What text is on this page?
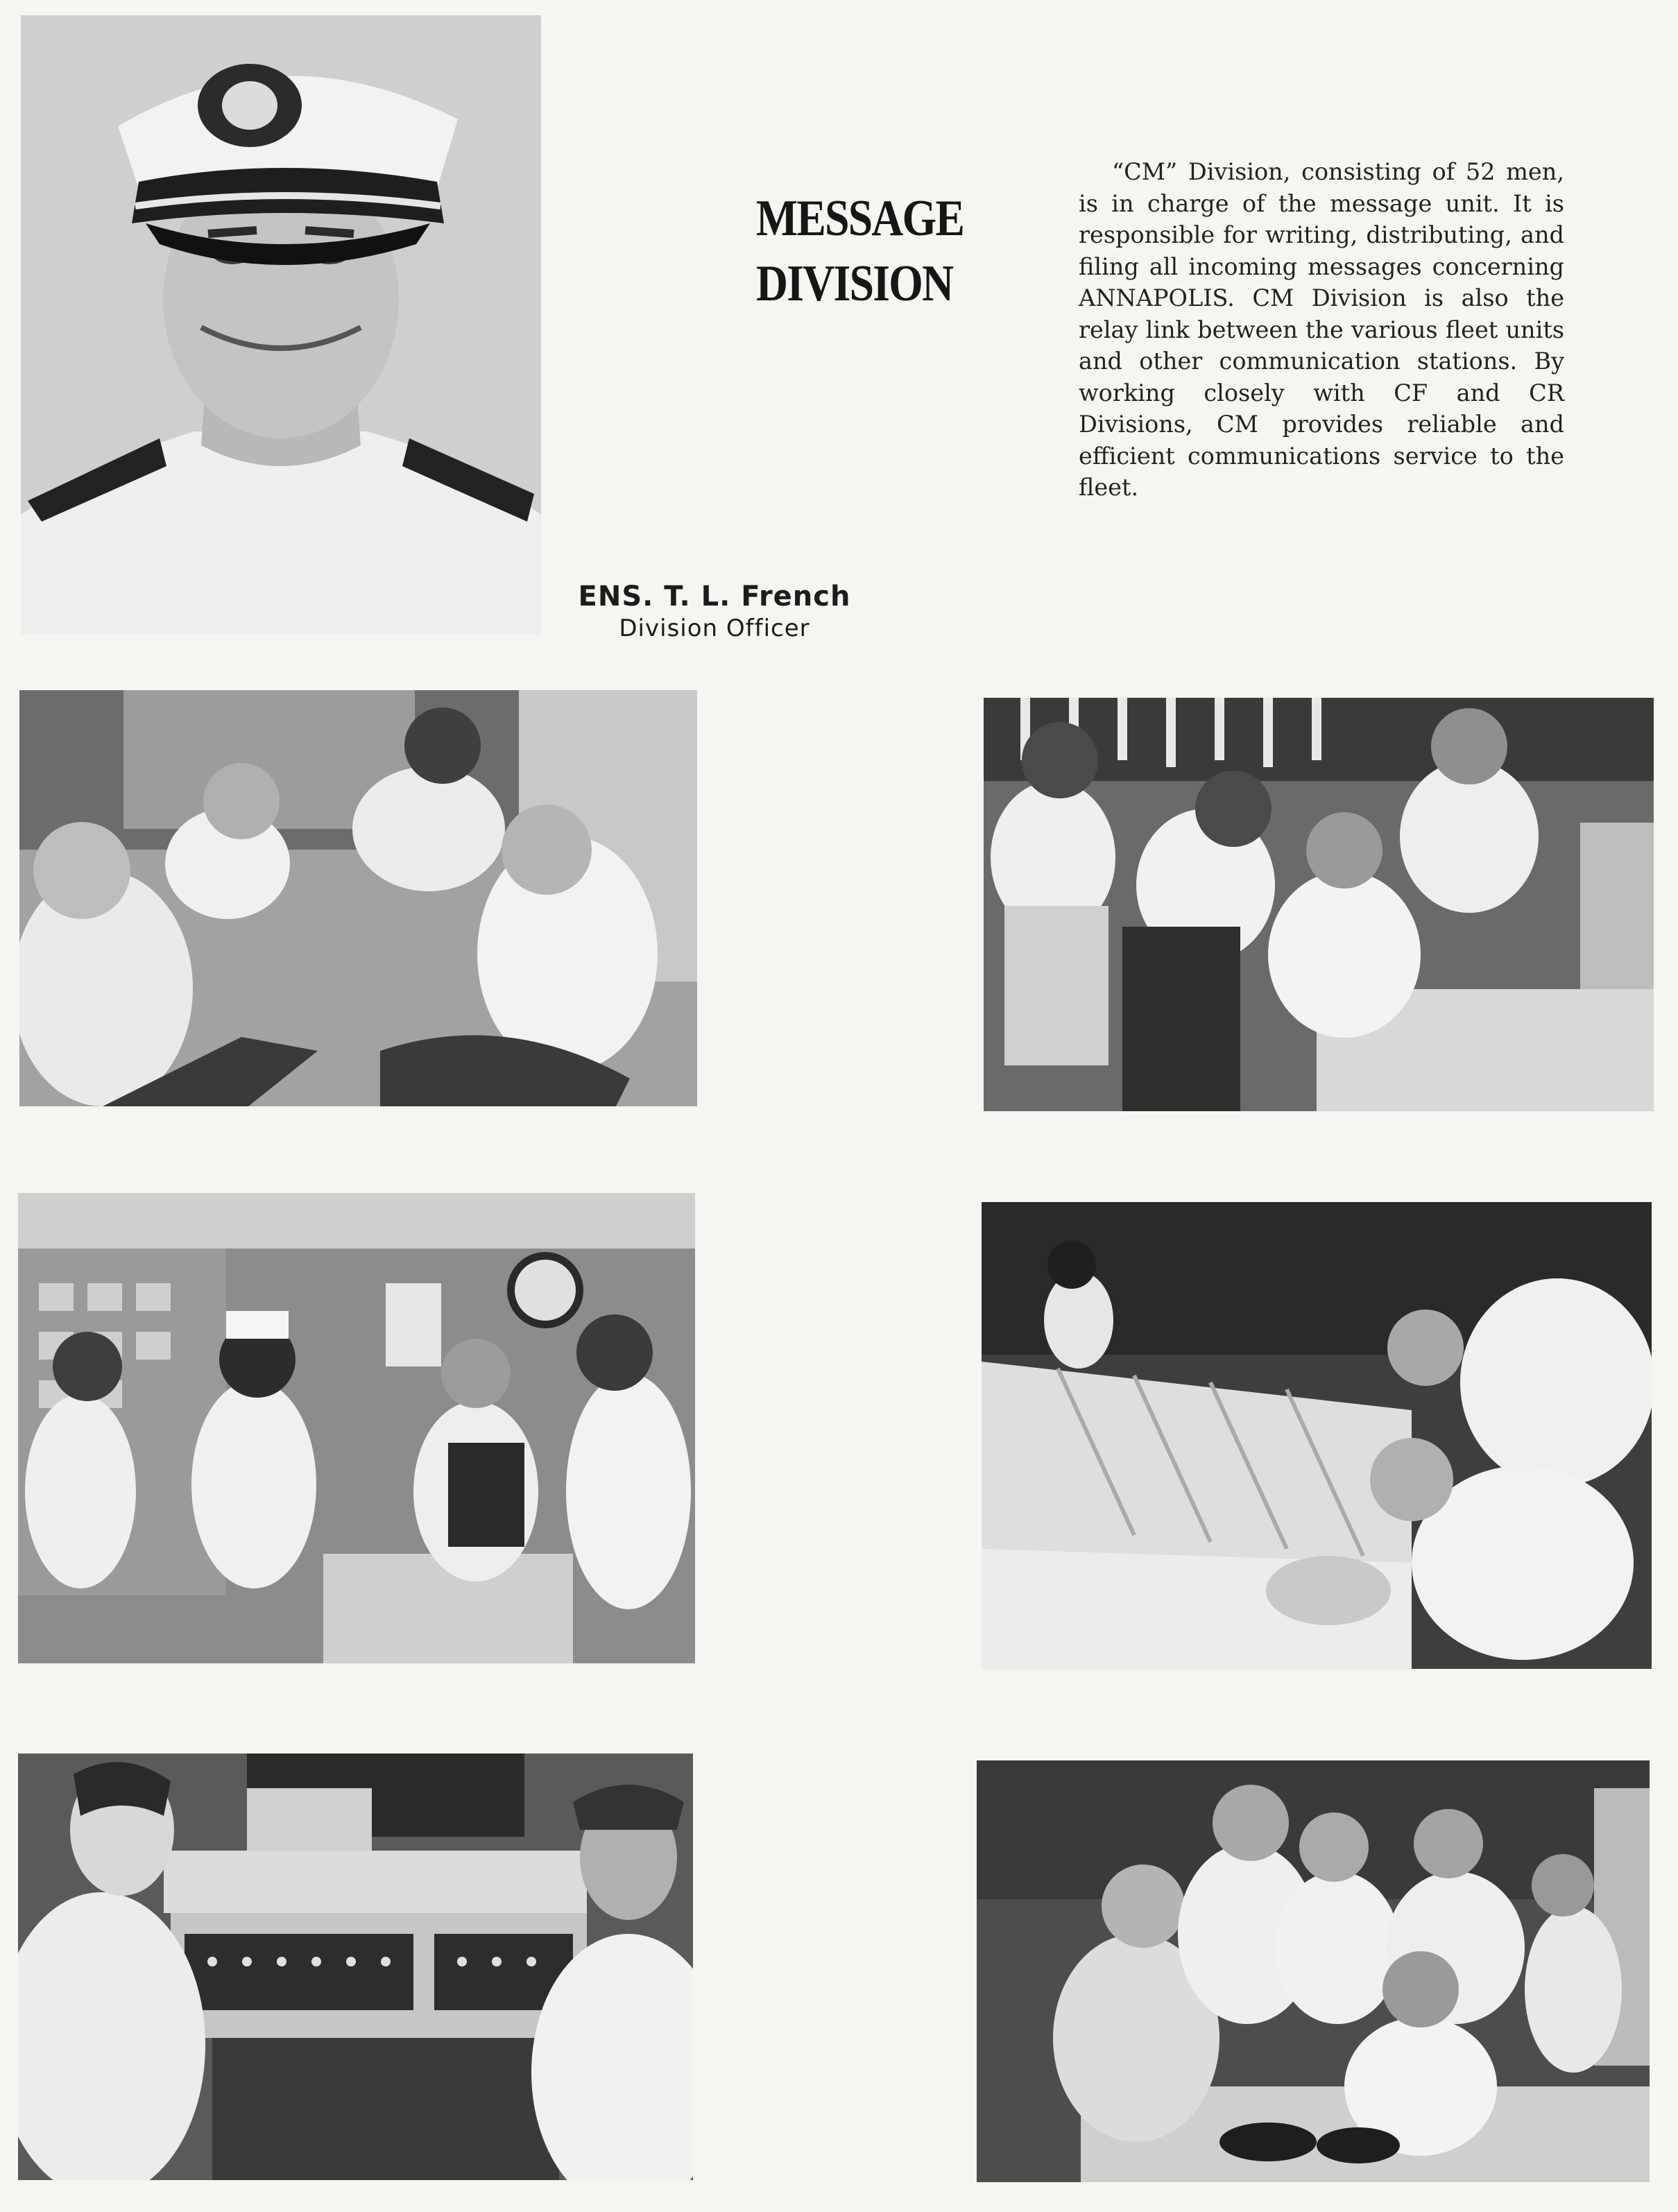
MESSAGE
DIVISION

“CM” Division, consisting of 52 men, is in charge of the message unit. It is responsible for writing, distributing, and filing all incoming messages concerning ANNAPOLIS. CM Division is also the relay link between the various fleet units and other communication stations. By working closely with CF and CR Divisions, CM provides reliable and efficient communications service to the fleet.

ENS. T. L. French
Division Officer
